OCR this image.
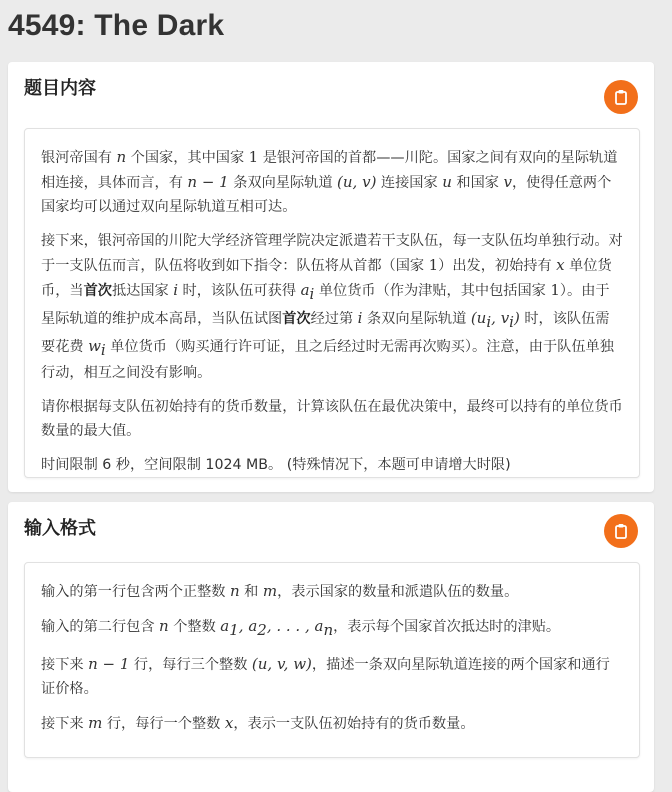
4549: The Dark
题目内容

银河帝国有 n 个国家，其中国家 1 是银河帝国的首都——川陀。国家之间有双向的星际轨道相连接，具体而言，有 n − 1 条双向星际轨道 (u, v) 连接国家 u 和国家 v，使得任意两个国家均可以通过双向星际轨道互相可达。

接下来，银河帝国的川陀大学经济管理学院决定派遣若干支队伍，每一支队伍均单独行动。对于一支队伍而言，队伍将收到如下指令：队伍将从首都（国家 1）出发，初始持有 x 单位货币，当首次抵达国家 i 时，该队伍可获得 $a_i$ 单位货币（作为津贴，其中包括国家 1）。由于星际轨道的维护成本高昂，当队伍试图首次经过第 i 条双向星际轨道 ($u_i$, $v_i$) 时，该队伍需要花费 $w_i$ 单位货币（购买通行许可证，且之后经过时无需再次购买）。注意，由于队伍单独行动，相互之间没有影响。

请你根据每支队伍初始持有的货币数量，计算该队伍在最优决策中，最终可以持有的单位货币数量的最大值。

时间限制 6 秒，空间限制 1024 MB。 (特殊情况下，本题可申请增大时限)

输入格式

输入的第一行包含两个正整数 n 和 m，表示国家的数量和派遣队伍的数量。

输入的第二行包含 n 个整数 $a_1$, $a_2$, . . . , $a_n$，表示每个国家首次抵达时的津贴。

接下来 n − 1 行，每行三个整数 (u, v, w)，描述一条双向星际轨道连接的两个国家和通行证价格。

接下来 m 行，每行一个整数 x，表示一支队伍初始持有的货币数量。
